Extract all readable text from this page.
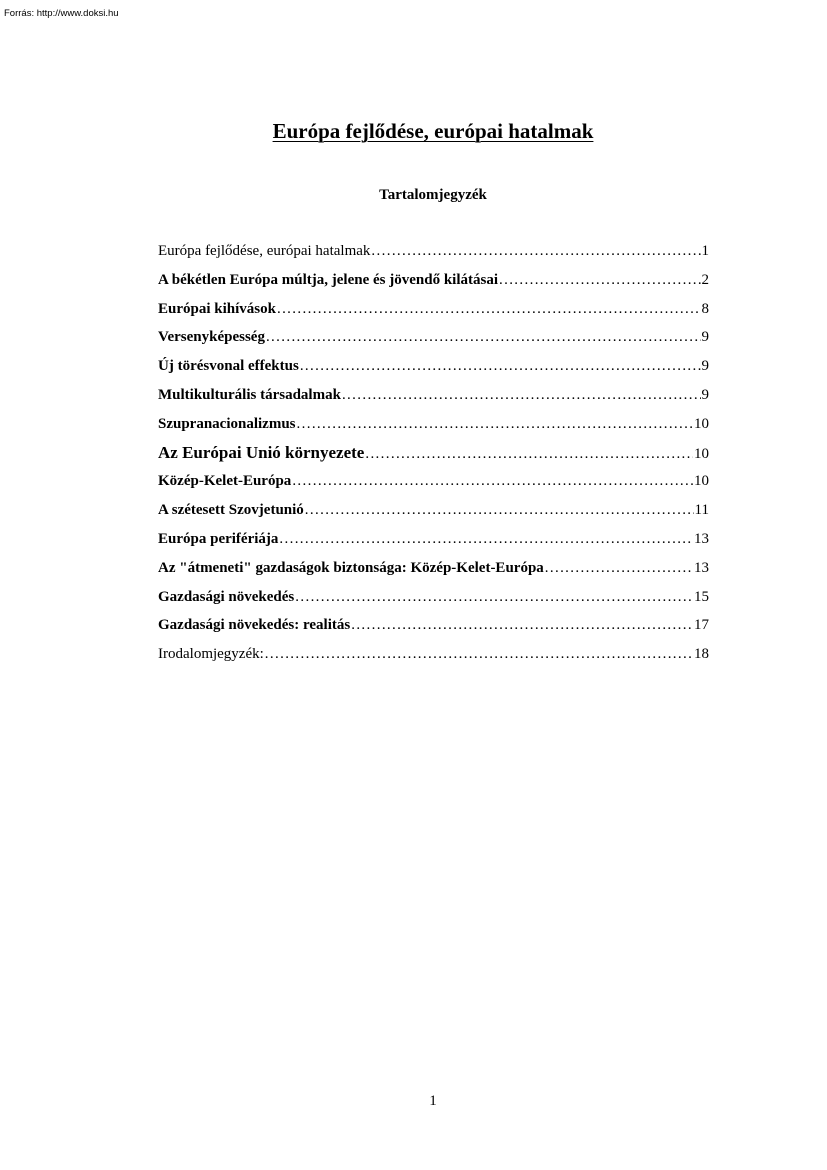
Forrás: http://www.doksi.hu
Európa fejlődése, európai hatalmak
Tartalomjegyzék
Európa fejlődése, európai hatalmak . . .	1
A békétlen Európa múltja, jelene és jövendő kilátásai . . .	2
Európai kihívások . . .	8
Versenyképesség . . .	9
Új törésvonal effektus . . .	9
Multikulturális társadalmak . . .	9
Szupranacionalizmus . . .	10
Az Európai Unió környezete . . .	10
Közép-Kelet-Európa . . .	10
A szétesett Szovjetunió . . .	11
Európa perifériája . . .	13
Az "átmeneti" gazdaságok biztonsága: Közép-Kelet-Európa . . .	13
Gazdasági növekedés . . .	15
Gazdasági növekedés: realitás . . .	17
Irodalomjegyzék: . . .	18
1
